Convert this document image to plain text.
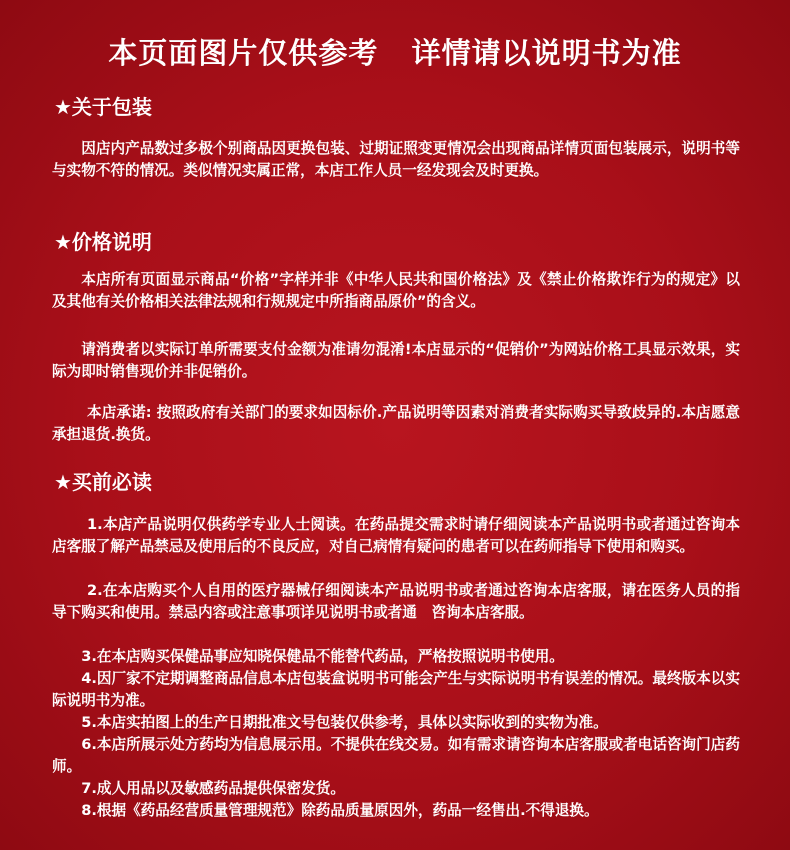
本页面图片仅供参考   详情请以说明书为准
★关于包装

因店内产品数过多极个别商品因更换包装、过期证照变更情况会出现商品详情页面包装展示，说明书等与实物不符的情况。类似情况实属正常，本店工作人员一经发现会及时更换。

★价格说明

本店所有页面显示商品“价格”字样并非《中华人民共和国价格法》及《禁止价格欺诈行为的规定》以及其他有关价格相关法律法规和行规规定中所指商品原价”的含义。

请消费者以实际订单所需要支付金额为准请勿混淆!本店显示的“促销价”为网站价格工具显示效果，实际为即时销售现价并非促销价。

本店承诺: 按照政府有关部门的要求如因标价.产品说明等因素对消费者实际购买导致歧异的.本店愿意承担退货.换货。

★买前必读

1.本店产品说明仅供药学专业人士阅读。在药品提交需求时请仔细阅读本产品说明书或者通过咨询本店客服了解产品禁忌及使用后的不良反应，对自己病情有疑问的患者可以在药师指导下使用和购买。

2.在本店购买个人自用的医疗器械仔细阅读本产品说明书或者通过咨询本店客服，请在医务人员的指导下购买和使用。禁忌内容或注意事项详见说明书或者通　咨询本店客服。

3.在本店购买保健品事应知晓保健品不能替代药品，严格按照说明书使用。

4.因厂家不定期调整商品信息本店包装盒说明书可能会产生与实际说明书有误差的情况。最终版本以实际说明书为准。

5.本店实拍图上的生产日期批准文号包装仅供参考，具体以实际收到的实物为准。

6.本店所展示处方药均为信息展示用。不提供在线交易。如有需求请咨询本店客服或者电话咨询门店药师。

7.成人用品以及敏感药品提供保密发货。

8.根据《药品经营质量管理规范》除药品质量原因外，药品一经售出.不得退换。
